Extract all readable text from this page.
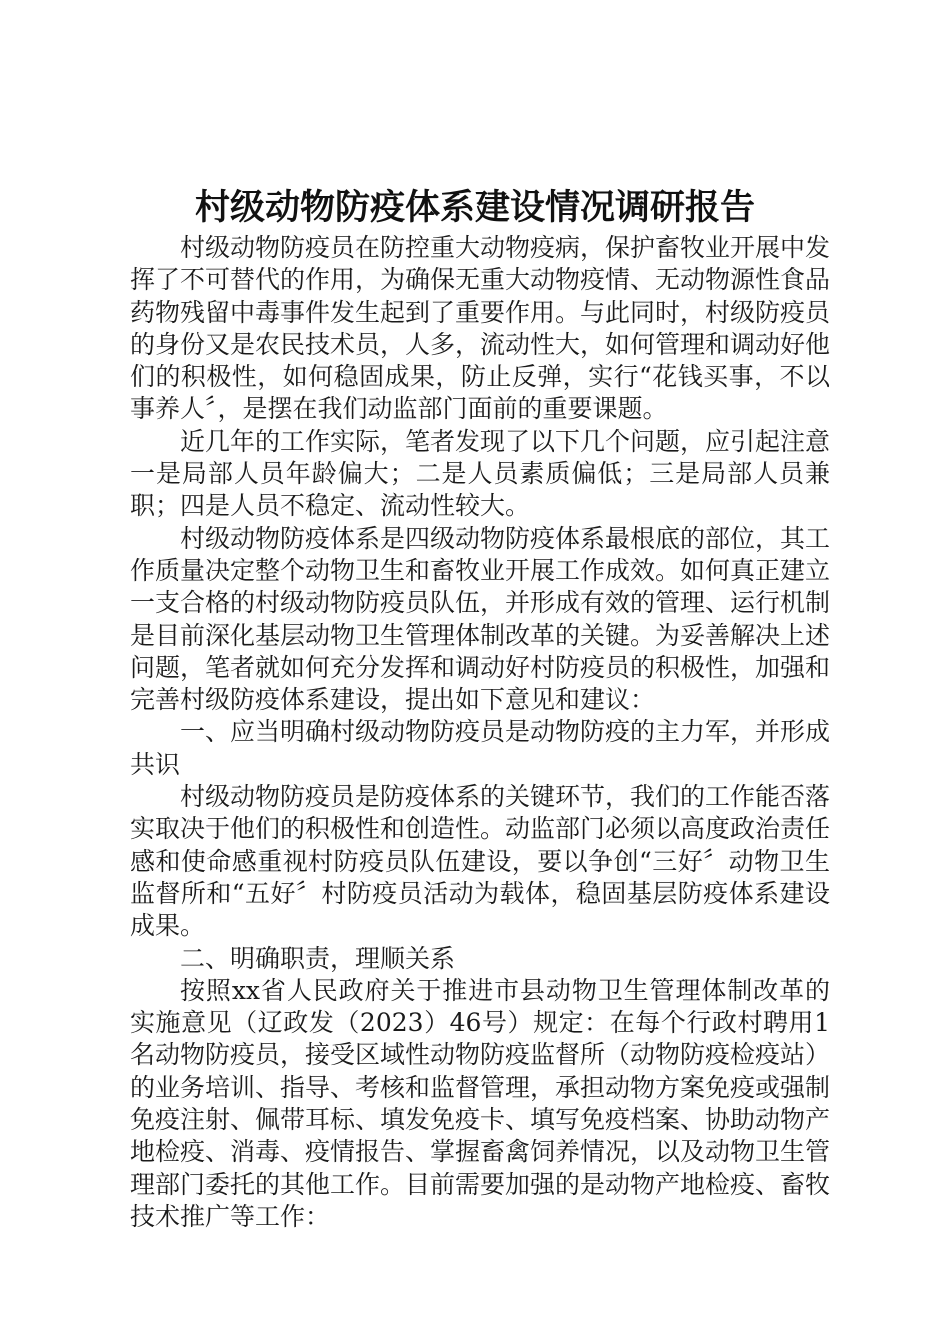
村级动物防疫体系建设情况调研报告

村级动物防疫员在防控重大动物疫病，保护畜牧业开展中发挥了不可替代的作用，为确保无重大动物疫情、无动物源性食品药物残留中毒事件发生起到了重要作用。与此同时，村级防疫员的身份又是农民技术员，人多，流动性大，如何管理和调动好他们的积极性，如何稳固成果，防止反弹，实行“花钱买事，不以事养人〞，是摆在我们动监部门面前的重要课题。

近几年的工作实际，笔者发现了以下几个问题，应引起注意一是局部人员年龄偏大；二是人员素质偏低；三是局部人员兼职；四是人员不稳定、流动性较大。

村级动物防疫体系是四级动物防疫体系最根底的部位，其工作质量决定整个动物卫生和畜牧业开展工作成效。如何真正建立一支合格的村级动物防疫员队伍，并形成有效的管理、运行机制是目前深化基层动物卫生管理体制改革的关键。为妥善解决上述问题，笔者就如何充分发挥和调动好村防疫员的积极性，加强和完善村级防疫体系建设，提出如下意见和建议：

一、应当明确村级动物防疫员是动物防疫的主力军，并形成共识

村级动物防疫员是防疫体系的关键环节，我们的工作能否落实取决于他们的积极性和创造性。动监部门必须以高度政治责任感和使命感重视村防疫员队伍建设，要以争创“三好〞动物卫生监督所和“五好〞村防疫员活动为载体，稳固基层防疫体系建设成果。

二、明确职责，理顺关系

按照xx省人民政府关于推进市县动物卫生管理体制改革的实施意见（辽政发（2023）46号）规定：在每个行政村聘用1名动物防疫员，接受区域性动物防疫监督所（动物防疫检疫站）的业务培训、指导、考核和监督管理，承担动物方案免疫或强制免疫注射、佩带耳标、填发免疫卡、填写免疫档案、协助动物产地检疫、消毒、疫情报告、掌握畜禽饲养情况，以及动物卫生管理部门委托的其他工作。目前需要加强的是动物产地检疫、畜牧技术推广等工作：
